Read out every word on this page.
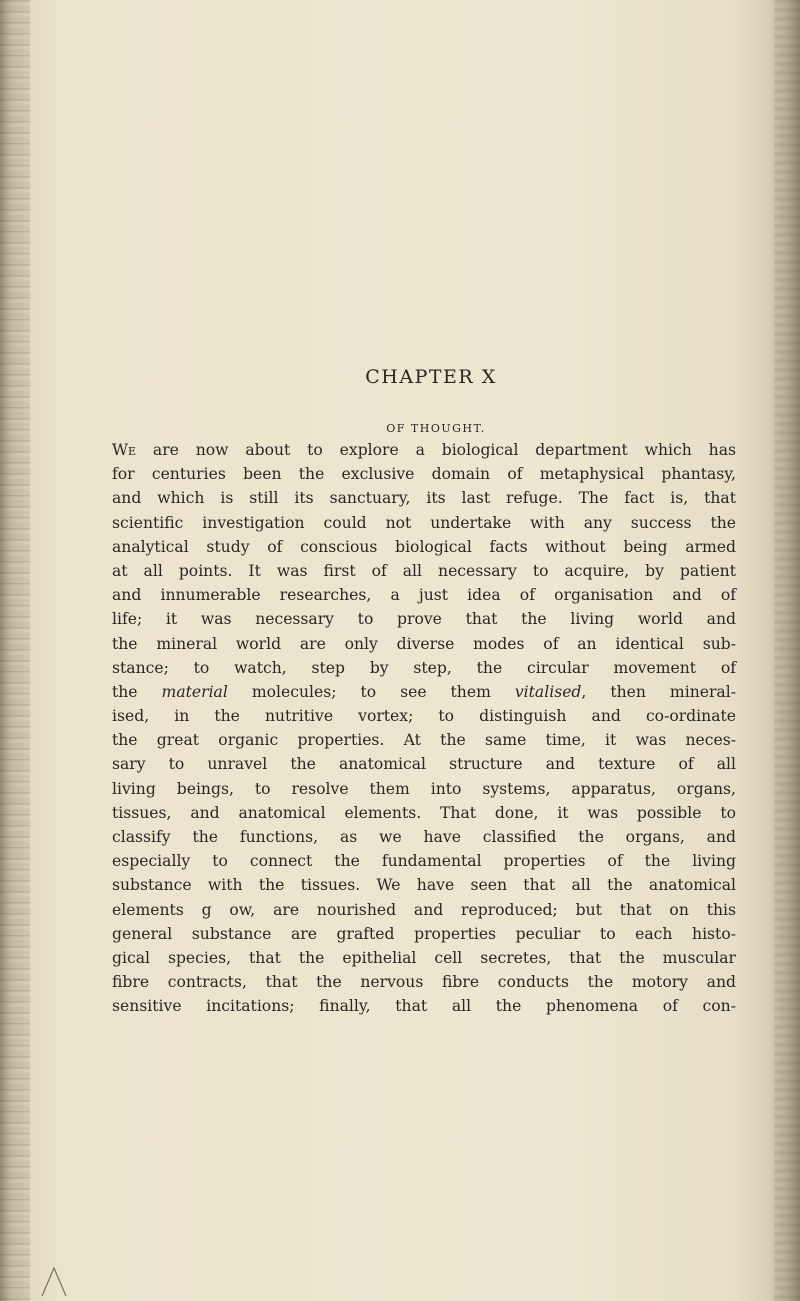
CHAPTER X
OF THOUGHT.
We are now about to explore a biological department which has
for centuries been the exclusive domain of metaphysical phantasy,
and which is still its sanctuary, its last refuge. The fact is, that
scientific investigation could not undertake with any success the
analytical study of conscious biological facts without being armed
at all points. It was first of all necessary to acquire, by patient
and innumerable researches, a just idea of organisation and of
life; it was necessary to prove that the living world and
the mineral world are only diverse modes of an identical sub-
stance; to watch, step by step, the circular movement of
the material molecules; to see them vitalised, then mineral-
ised, in the nutritive vortex; to distinguish and co-ordinate
the great organic properties. At the same time, it was neces-
sary to unravel the anatomical structure and texture of all
living beings, to resolve them into systems, apparatus, organs,
tissues, and anatomical elements. That done, it was possible to
classify the functions, as we have classified the organs, and
especially to connect the fundamental properties of the living
substance with the tissues. We have seen that all the anatomical
elements g ow, are nourished and reproduced; but that on this
general substance are grafted properties peculiar to each histo-
gical species, that the epithelial cell secretes, that the muscular
fibre contracts, that the nervous fibre conducts the motory and
sensitive incitations; finally, that all the phenomena of con-
